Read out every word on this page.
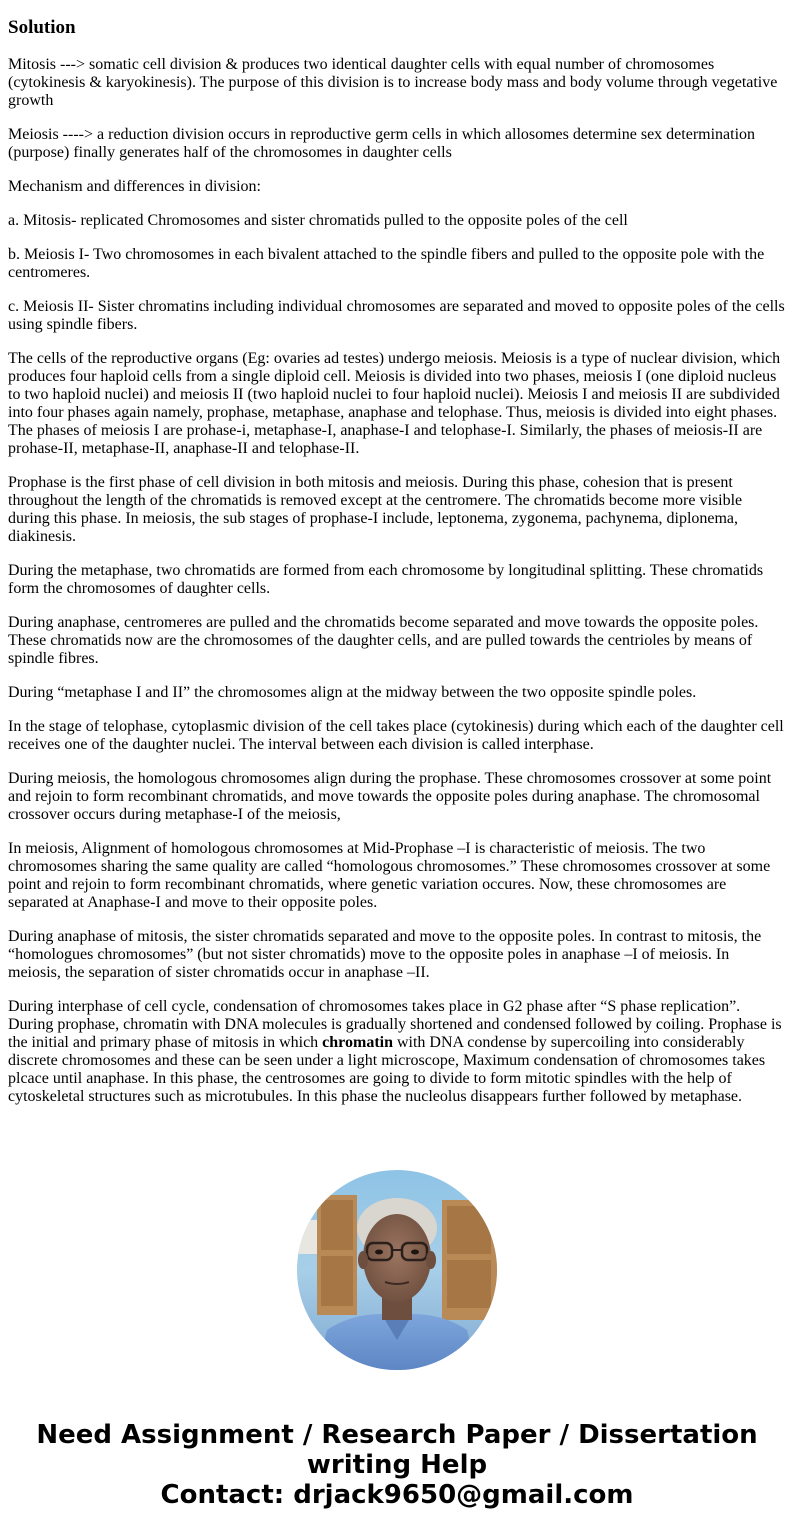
Solution

Mitosis ---> somatic cell division & produces two identical daughter cells with equal number of chromosomes (cytokinesis & karyokinesis). The purpose of this division is to increase body mass and body volume through vegetative growth

Meiosis ----> a reduction division occurs in reproductive germ cells in which allosomes determine sex determination (purpose) finally generates half of the chromosomes in daughter cells

Mechanism and differences in division:

a. Mitosis- replicated Chromosomes and sister chromatids pulled to the opposite poles of the cell

b. Meiosis I- Two chromosomes in each bivalent attached to the spindle fibers and pulled to the opposite pole with the centromeres.

c. Meiosis II- Sister chromatins including individual chromosomes are separated and moved to opposite poles of the cells using spindle fibers.

The cells of the reproductive organs (Eg: ovaries ad testes) undergo meiosis. Meiosis is a type of nuclear division, which produces four haploid cells from a single diploid cell. Meiosis is divided into two phases, meiosis I (one diploid nucleus to two haploid nuclei) and meiosis II (two haploid nuclei to four haploid nuclei). Meiosis I and meiosis II are subdivided into four phases again namely, prophase, metaphase, anaphase and telophase. Thus, meiosis is divided into eight phases. The phases of meiosis I are prohase-i, metaphase-I, anaphase-I and telophase-I. Similarly, the phases of meiosis-II are prohase-II, metaphase-II, anaphase-II and telophase-II.

Prophase is the first phase of cell division in both mitosis and meiosis. During this phase, cohesion that is present throughout the length of the chromatids is removed except at the centromere. The chromatids become more visible during this phase. In meiosis, the sub stages of prophase-I include, leptonema, zygonema, pachynema, diplonema, diakinesis.

During the metaphase, two chromatids are formed from each chromosome by longitudinal splitting. These chromatids form the chromosomes of daughter cells.

During anaphase, centromeres are pulled and the chromatids become separated and move towards the opposite poles. These chromatids now are the chromosomes of the daughter cells, and are pulled towards the centrioles by means of spindle fibres.

During “metaphase I and II” the chromosomes align at the midway between the two opposite spindle poles.

In the stage of telophase, cytoplasmic division of the cell takes place (cytokinesis) during which each of the daughter cell receives one of the daughter nuclei. The interval between each division is called interphase.

During meiosis, the homologous chromosomes align during the prophase. These chromosomes crossover at some point and rejoin to form recombinant chromatids, and move towards the opposite poles during anaphase. The chromosomal crossover occurs during metaphase-I of the meiosis,

In meiosis, Alignment of homologous chromosomes at Mid-Prophase –I is characteristic of meiosis. The two chromosomes sharing the same quality are called “homologous chromosomes.” These chromosomes crossover at some point and rejoin to form recombinant chromatids, where genetic variation occures. Now, these chromosomes are separated at Anaphase-I and move to their opposite poles.

During anaphase of mitosis, the sister chromatids separated and move to the opposite poles. In contrast to mitosis, the “homologues chromosomes” (but not sister chromatids) move to the opposite poles in anaphase –I of meiosis. In meiosis, the separation of sister chromatids occur in anaphase –II.

During interphase of cell cycle, condensation of chromosomes takes place in G2 phase after “S phase replication”. During prophase, chromatin with DNA molecules is gradually shortened and condensed followed by coiling. Prophase is the initial and primary phase of mitosis in which chromatin with DNA condense by supercoiling into considerably discrete chromosomes and these can be seen under a light microscope, Maximum condensation of chromosomes takes plcace until anaphase. In this phase, the centrosomes are going to divide to form mitotic spindles with the help of cytoskeletal structures such as microtubules. In this phase the nucleolus disappears further followed by metaphase.

Need Assignment / Research Paper / Dissertation
writing Help
Contact: drjack9650@gmail.com
